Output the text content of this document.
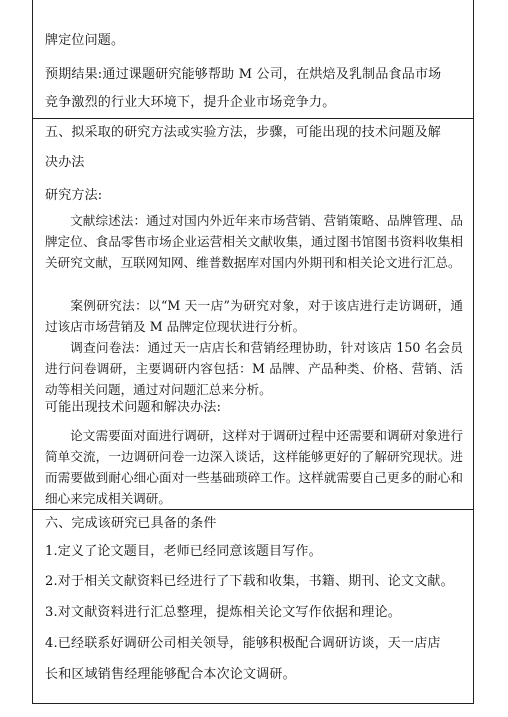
牌定位问题。
预期结果:通过课题研究能够帮助 M 公司，在烘焙及乳制品食品市场
竞争激烈的行业大环境下，提升企业市场竞争力。
五、拟采取的研究方法或实验方法，步骤，可能出现的技术问题及解
决办法
研究方法:
文献综述法：通过对国内外近年来市场营销、营销策略、品牌管理、品牌定位、食品零售市场企业运营相关文献收集，通过图书馆图书资料收集相关研究文献，互联网知网、维普数据库对国内外期刊和相关论文进行汇总。
案例研究法：以“M 天一店”为研究对象，对于该店进行走访调研，通过该店市场营销及 M 品牌定位现状进行分析。
调查问卷法：通过天一店店长和营销经理协助，针对该店 150 名会员进行问卷调研，主要调研内容包括：M 品牌、产品种类、价格、营销、活动等相关问题，通过对问题汇总来分析。
可能出现技术问题和解决办法:
论文需要面对面进行调研，这样对于调研过程中还需要和调研对象进行简单交流，一边调研问卷一边深入谈话，这样能够更好的了解研究现状。进而需要做到耐心细心面对一些基础琐碎工作。这样就需要自己更多的耐心和细心来完成相关调研。
六、完成该研究已具备的条件
1.定义了论文题目，老师已经同意该题目写作。
2.对于相关文献资料已经进行了下载和收集，书籍、期刊、论文文献。
3.对文献资料进行汇总整理，提炼相关论文写作依据和理论。
4.已经联系好调研公司相关领导，能够积极配合调研访谈，天一店店
长和区域销售经理能够配合本次论文调研。
